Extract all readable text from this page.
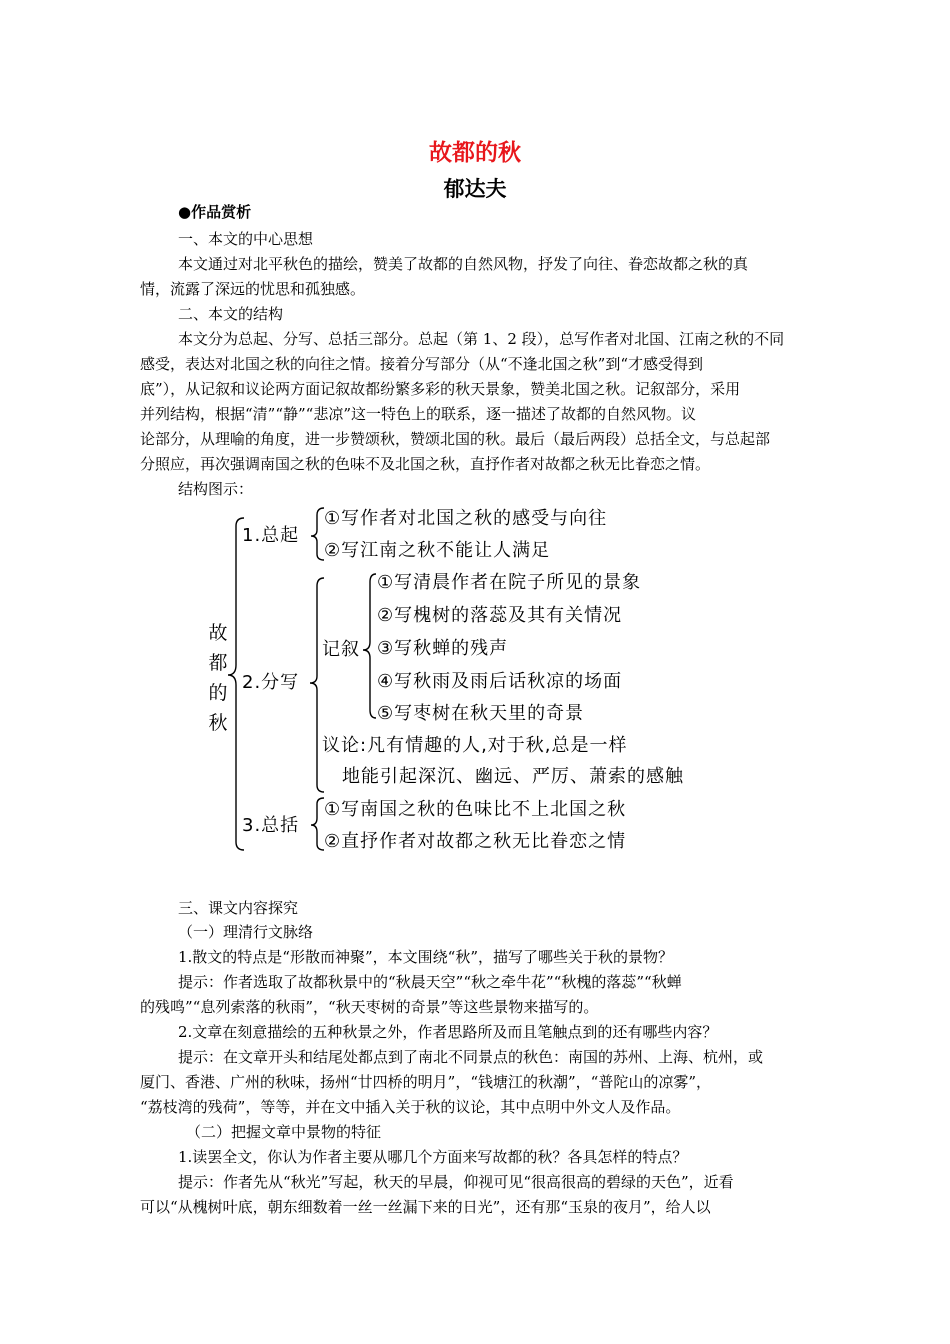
故都的秋
郁达夫
●作品赏析
一、本文的中心思想
本文通过对北平秋色的描绘，赞美了故都的自然风物，抒发了向往、眷恋故都之秋的真
情，流露了深远的忧思和孤独感。
二、本文的结构
本文分为总起、分写、总括三部分。总起（第 1、2 段），总写作者对北国、江南之秋的不同
感受，表达对北国之秋的向往之情。接着分写部分（从“不逢北国之秋”到“才感受得到
底”），从记叙和议论两方面记叙故都纷繁多彩的秋天景象，赞美北国之秋。记叙部分，采用
并列结构，根据“清”“静”“悲凉”这一特色上的联系，逐一描述了故都的自然风物。议
论部分，从理喻的角度，进一步赞颂秋，赞颂北国的秋。最后（最后两段）总括全文，与总起部
分照应，再次强调南国之秋的色味不及北国之秋，直抒作者对故都之秋无比眷恋之情。
结构图示：
故
都
的
秋
1.总起
①写作者对北国之秋的感受与向往
②写江南之秋不能让人满足
2.分写
记叙
①写清晨作者在院子所见的景象
②写槐树的落蕊及其有关情况
③写秋蝉的残声
④写秋雨及雨后话秋凉的场面
⑤写枣树在秋天里的奇景
议论:凡有情趣的人,对于秋,总是一样
地能引起深沉、幽远、严厉、萧索的感触
3.总括
①写南国之秋的色味比不上北国之秋
②直抒作者对故都之秋无比眷恋之情
三、课文内容探究
（一）理清行文脉络
1.散文的特点是“形散而神聚”，本文围绕“秋”，描写了哪些关于秋的景物？
提示：作者选取了故都秋景中的“秋晨天空”“秋之牵牛花”“秋槐的落蕊”“秋蝉
的残鸣”“息列索落的秋雨”，“秋天枣树的奇景”等这些景物来描写的。
2.文章在刻意描绘的五种秋景之外，作者思路所及而且笔触点到的还有哪些内容？
提示：在文章开头和结尾处都点到了南北不同景点的秋色：南国的苏州、上海、杭州，或
厦门、香港、广州的秋味，扬州“廿四桥的明月”，“钱塘江的秋潮”，“普陀山的凉雾”，
“荔枝湾的残荷”，等等，并在文中插入关于秋的议论，其中点明中外文人及作品。
（二）把握文章中景物的特征
1.读罢全文，你认为作者主要从哪几个方面来写故都的秋？各具怎样的特点？
提示：作者先从“秋光”写起，秋天的早晨，仰视可见“很高很高的碧绿的天色”，近看
可以“从槐树叶底，朝东细数着一丝一丝漏下来的日光”，还有那“玉泉的夜月”，给人以
